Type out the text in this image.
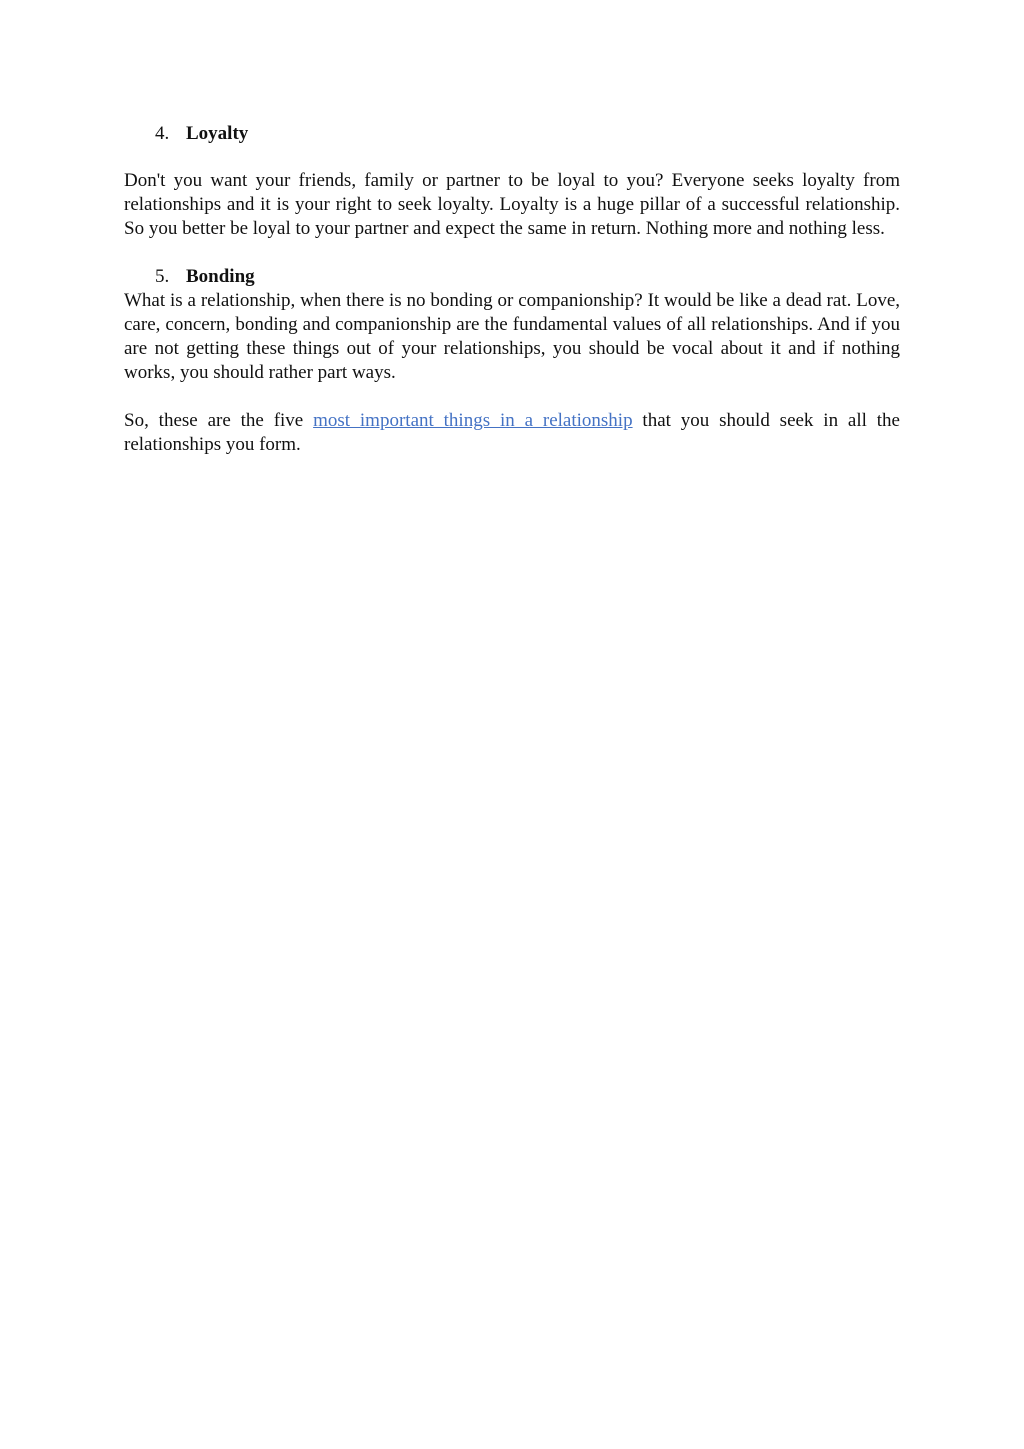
4. Loyalty

Don't you want your friends, family or partner to be loyal to you? Everyone seeks loyalty from relationships and it is your right to seek loyalty. Loyalty is a huge pillar of a successful relationship. So you better be loyal to your partner and expect the same in return. Nothing more and nothing less.

5. Bonding

What is a relationship, when there is no bonding or companionship? It would be like a dead rat. Love, care, concern, bonding and companionship are the fundamental values of all relationships. And if you are not getting these things out of your relationships, you should be vocal about it and if nothing works, you should rather part ways.

So, these are the five most important things in a relationship that you should seek in all the relationships you form.
